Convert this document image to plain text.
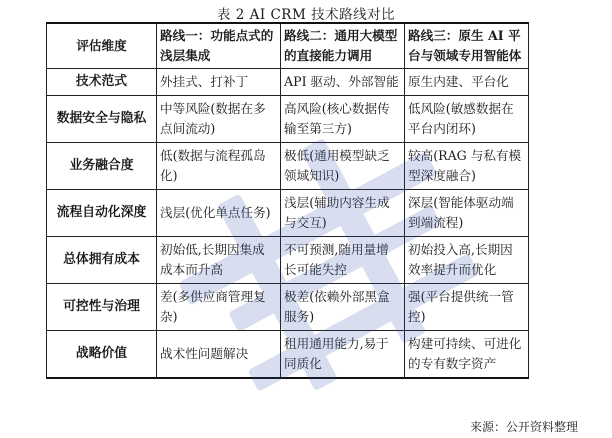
表 2 AI CRM 技术路线对比
评估维度	路线一：功能点式的浅层集成	路线二：通用大模型的直接能力调用	路线三：原生 AI 平台与领域专用智能体
技术范式	外挂式、打补丁	API 驱动、外部智能	原生内建、平台化
数据安全与隐私	中等风险(数据在多点间流动)	高风险(核心数据传输至第三方)	低风险(敏感数据在平台内闭环)
业务融合度	低(数据与流程孤岛化)	极低(通用模型缺乏领域知识)	较高(RAG 与私有模型深度融合)
流程自动化深度	浅层(优化单点任务)	浅层(辅助内容生成与交互)	深层(智能体驱动端到端流程)
总体拥有成本	初始低,长期因集成成本而升高	不可预测,随用量增长可能失控	初始投入高,长期因效率提升而优化
可控性与治理	差(多供应商管理复杂)	极差(依赖外部黑盒服务)	强(平台提供统一管控)
战略价值	战术性问题解决	租用通用能力,易于同质化	构建可持续、可进化的专有数字资产
来源：公开资料整理
